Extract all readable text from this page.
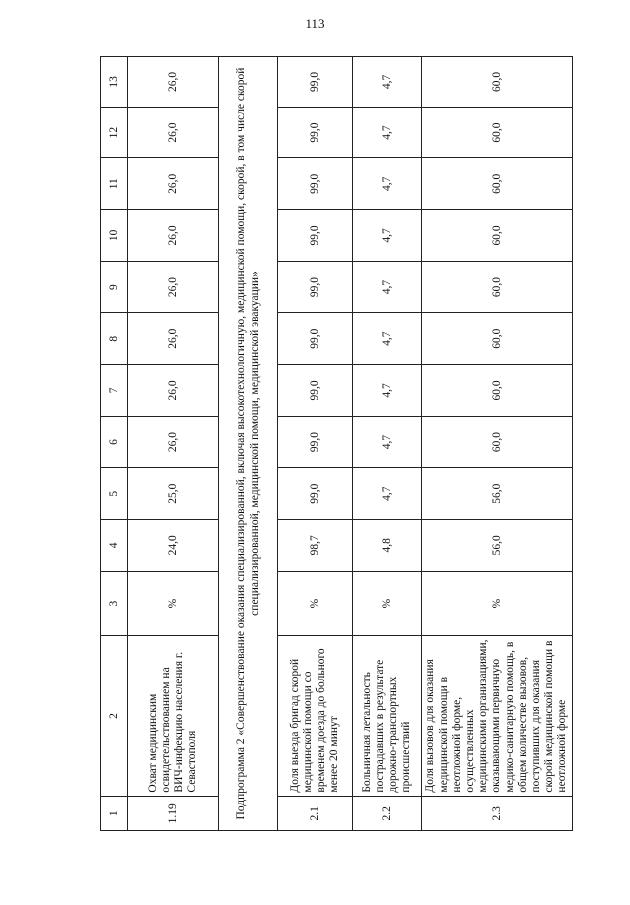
113
1	2	3	4	5	6	7	8	9	10	11	12	13
1.19	Охват медицинским освидетельствованием на ВИЧ-инфекцию населения г. Севастополя	%	24,0	25,0	26,0	26,0	26,0	26,0	26,0	26,0	26,0	26,0
Подпрограмма 2 «Совершенствование оказания специализированной, включая высокотехнологичную, медицинской помощи, скорой, в том числе скорой специализированной, медицинской помощи, медицинской эвакуации»												
2.1	Доля выезда бригад скорой медицинской помощи со временем доезда до больного менее 20 минут	%	98,7	99,0	99,0	99,0	99,0	99,0	99,0	99,0	99,0	99,0
2.2	Больничная летальность пострадавших в результате дорожно-транспортных происшествий	%	4,8	4,7	4,7	4,7	4,7	4,7	4,7	4,7	4,7	4,7
2.3	Доля вызовов для оказания медицинской помощи в неотложной форме, осуществленных медицинскими организациями, оказывающими первичную медико-санитарную помощь, в общем количестве вызовов, поступивших для оказания скорой медицинской помощи в неотложной форме	%	56,0	56,0	60,0	60,0	60,0	60,0	60,0	60,0	60,0	60,0
